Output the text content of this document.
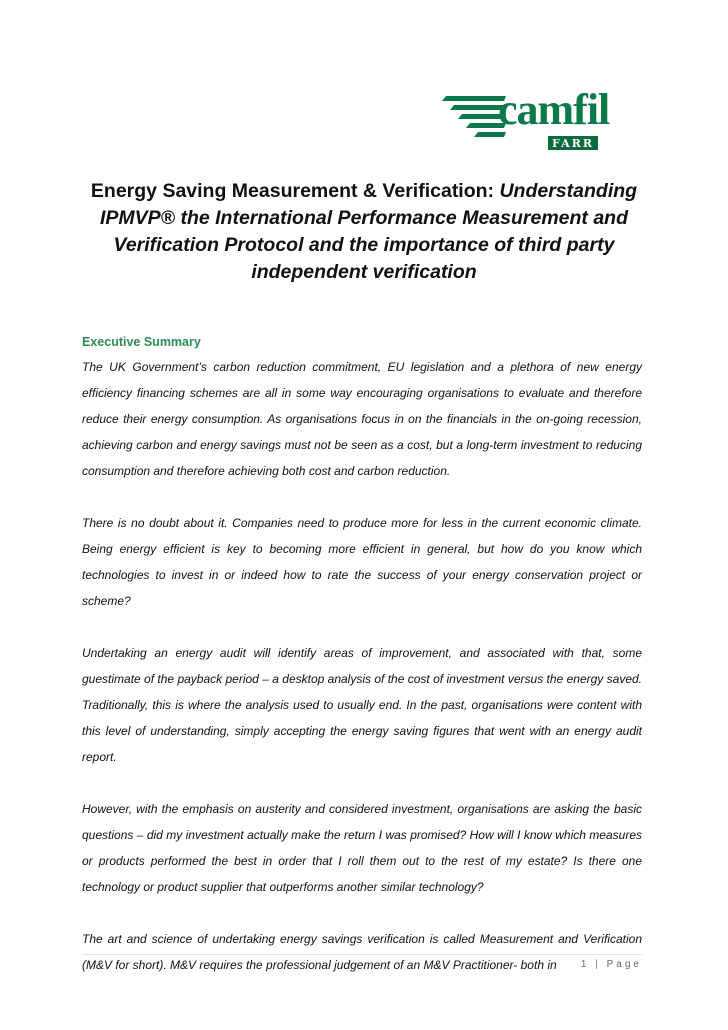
camfil
FARR
Energy Saving Measurement & Verification: Understanding IPMVP® the International Performance Measurement and Verification Protocol and the importance of third party independent verification
Executive Summary

The UK Government’s carbon reduction commitment, EU legislation and a plethora of new energy efficiency financing schemes are all in some way encouraging organisations to evaluate and therefore reduce their energy consumption. As organisations focus in on the financials in the on-going recession, achieving carbon and energy savings must not be seen as a cost, but a long-term investment to reducing consumption and therefore achieving both cost and carbon reduction.

There is no doubt about it. Companies need to produce more for less in the current economic climate. Being energy efficient is key to becoming more efficient in general, but how do you know which technologies to invest in or indeed how to rate the success of your energy conservation project or scheme?

Undertaking an energy audit will identify areas of improvement, and associated with that, some guestimate of the payback period – a desktop analysis of the cost of investment versus the energy saved. Traditionally, this is where the analysis used to usually end. In the past, organisations were content with this level of understanding, simply accepting the energy saving figures that went with an energy audit report.

However, with the emphasis on austerity and considered investment, organisations are asking the basic questions – did my investment actually make the return I was promised? How will I know which measures or products performed the best in order that I roll them out to the rest of my estate? Is there one technology or product supplier that outperforms another similar technology?

The art and science of undertaking energy savings verification is called Measurement and Verification (M&V for short). M&V requires the professional judgement of an M&V Practitioner- both in	1 | Page
